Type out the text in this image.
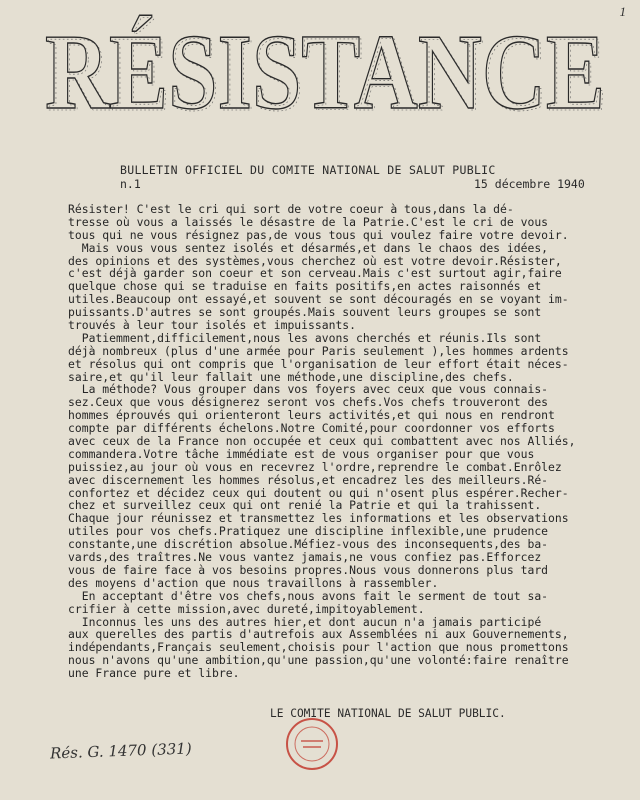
1
RÉSISTANCE
RÉSISTANCE
BULLETIN OFFICIEL DU COMITE NATIONAL DE SALUT PUBLIC
n.1	15 décembre 1940
Résister! C'est le cri qui sort de votre coeur à tous,dans la dé-
tresse où vous a laissés le désastre de la Patrie.C'est le cri de vous
tous qui ne vous résignez pas,de vous tous qui voulez faire votre devoir.
Mais vous vous sentez isolés et désarmés,et dans le chaos des idées,
des opinions et des systèmes,vous cherchez où est votre devoir.Résister,
c'est déjà garder son coeur et son cerveau.Mais c'est surtout agir,faire
quelque chose qui se traduise en faits positifs,en actes raisonnés et
utiles.Beaucoup ont essayé,et souvent se sont découragés en se voyant im-
puissants.D'autres se sont groupés.Mais souvent leurs groupes se sont
trouvés à leur tour isolés et impuissants.
Patiemment,difficilement,nous les avons cherchés et réunis.Ils sont
déjà nombreux (plus d'une armée pour Paris seulement ),les hommes ardents
et résolus qui ont compris que l'organisation de leur effort était néces-
saire,et qu'il leur fallait une méthode,une discipline,des chefs.
La méthode? Vous grouper dans vos foyers avec ceux que vous connais-
sez.Ceux que vous désignerez seront vos chefs.Vos chefs trouveront des
hommes éprouvés qui orienteront leurs activités,et qui nous en rendront
compte par différents échelons.Notre Comité,pour coordonner vos efforts
avec ceux de la France non occupée et ceux qui combattent avec nos Alliés,
commandera.Votre tâche immédiate est de vous organiser pour que vous
puissiez,au jour où vous en recevrez l'ordre,reprendre le combat.Enrôlez
avec discernement les hommes résolus,et encadrez les des meilleurs.Ré-
confortez et décidez ceux qui doutent ou qui n'osent plus espérer.Recher-
chez et surveillez ceux qui ont renié la Patrie et qui la trahissent.
Chaque jour réunissez et transmettez les informations et les observations
utiles pour vos chefs.Pratiquez une discipline inflexible,une prudence
constante,une discrétion absolue.Méfiez-vous des inconsequents,des ba-
vards,des traîtres.Ne vous vantez jamais,ne vous confiez pas.Efforcez
vous de faire face à vos besoins propres.Nous vous donnerons plus tard
des moyens d'action que nous travaillons à rassembler.
En acceptant d'être vos chefs,nous avons fait le serment de tout sa-
crifier à cette mission,avec dureté,impitoyablement.
Inconnus les uns des autres hier,et dont aucun n'a jamais participé
aux querelles des partis d'autrefois aux Assemblées ni aux Gouvernements,
indépendants,Français seulement,choisis pour l'action que nous promettons
nous n'avons qu'une ambition,qu'une passion,qu'une volonté:faire renaître
une France pure et libre.
LE COMITE NATIONAL DE SALUT PUBLIC.
Rés. G. 1470 (331)
